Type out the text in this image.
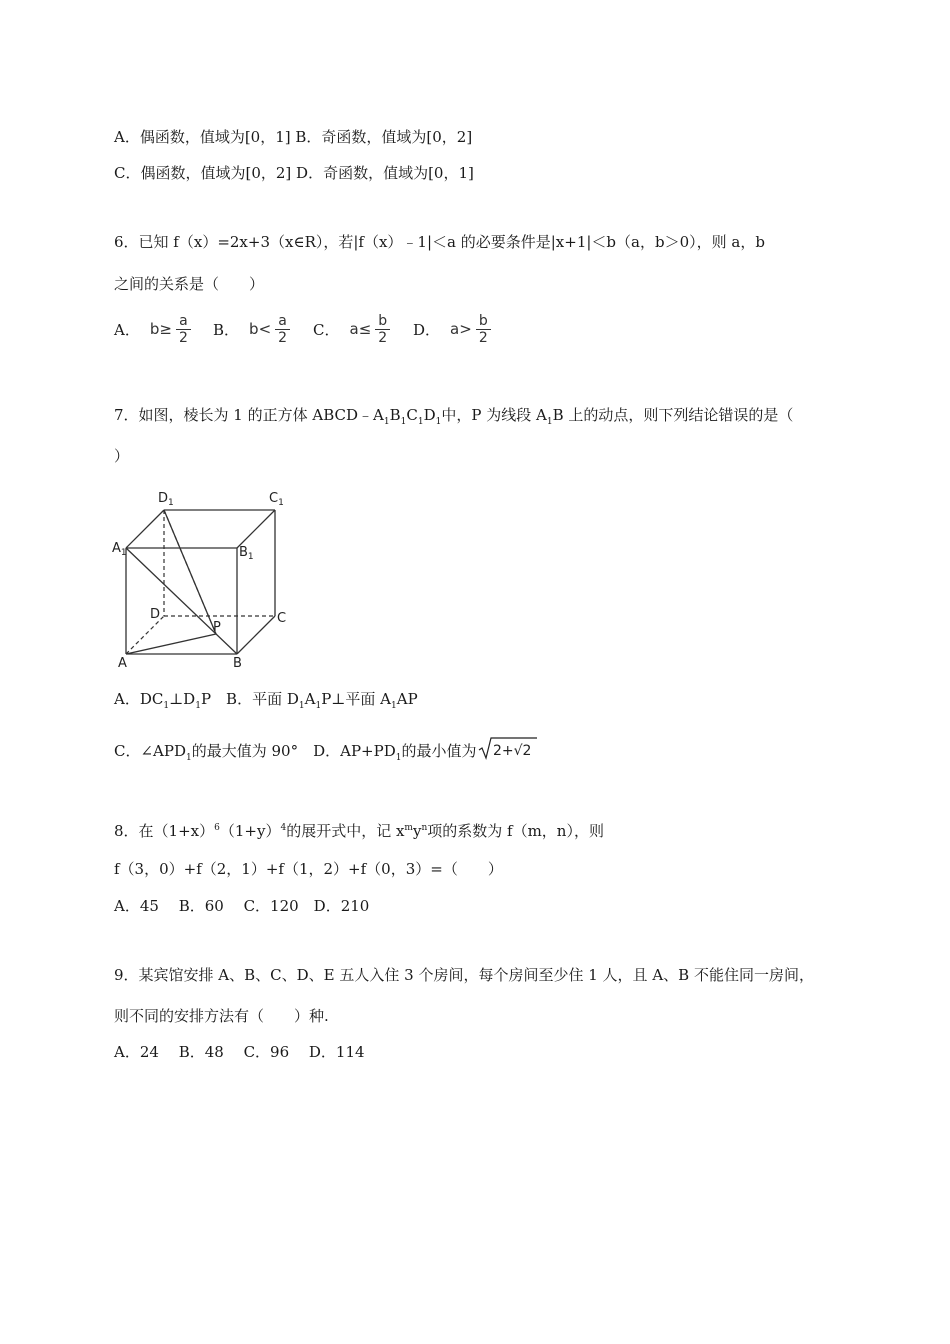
A．偶函数，值域为[0，1] B．奇函数，值域为[0，2]
C．偶函数，值域为[0，2] D．奇函数，值域为[0，1]
6．已知 f（x）=2x+3（x∈R），若|f（x）﹣1|＜a 的必要条件是|x+1|＜b（a，b＞0），则 a，b
之间的关系是（　　）
A． $b \ge \frac{a}{2}$ B． $b < \frac{a}{2}$ C． $a \le \frac{b}{2}$ D． $a > \frac{b}{2}$
7．如图，棱长为 1 的正方体 $ABCD﹣A_1B_1C_1D_1$中，P 为线段 $A_1B$ 上的动点，则下列结论错误的是（
）
$D_1$	$C_1$
$A_1$	$B_1$
D	C
P
A	B
A．$DC_1\perp D_1P$　B．平面 $D_1A_1P\perp$平面 $A_1AP$
C．$\angle APD_1$的最大值为 90°　D．$AP+PD_1$的最小值为 2+√2
8．在$(1+x)^6(1+y)^4$的展开式中，记 $x^my^n$项的系数为 f（m，n），则
f（3，0）+f（2，1）+f（1，2）+f（0，3）=（　　）
A．45　 B．60　 C．120　D．210
9．某宾馆安排 A、B、C、D、E 五人入住 3 个房间，每个房间至少住 1 人，且 A、B 不能住同一房间，
则不同的安排方法有（　　）种.
A．24　 B．48　 C．96　 D．114
